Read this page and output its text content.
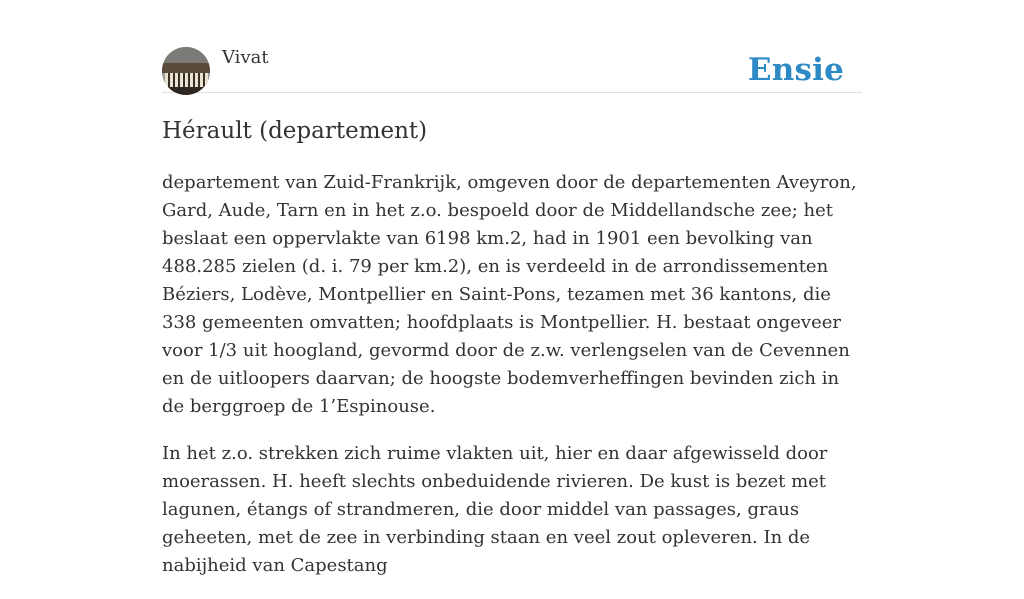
Vivat	Ensie
Hérault (departement)

departement van Zuid-Frankrijk, omgeven door de departementen Aveyron, Gard, Aude, Tarn en in het z.o. bespoeld door de Middellandsche zee; het beslaat een oppervlakte van 6198 km.2, had in 1901 een bevolking van 488.285 zielen (d. i. 79 per km.2), en is verdeeld in de arrondissementen Béziers, Lodève, Montpellier en Saint-Pons, tezamen met 36 kantons, die 338 gemeenten omvatten; hoofdplaats is Montpellier. H. bestaat ongeveer voor 1/3 uit hoogland, gevormd door de z.w. verlengselen van de Cevennen en de uitloopers daarvan; de hoogste bodemverheffingen bevinden zich in de berggroep de 1’Espinouse.

In het z.o. strekken zich ruime vlakten uit, hier en daar afgewisseld door moerassen. H. heeft slechts onbeduidende rivieren. De kust is bezet met lagunen, étangs of strandmeren, die door middel van passages, graus geheeten, met de zee in verbinding staan en veel zout opleveren. In de nabijheid van Capestang
